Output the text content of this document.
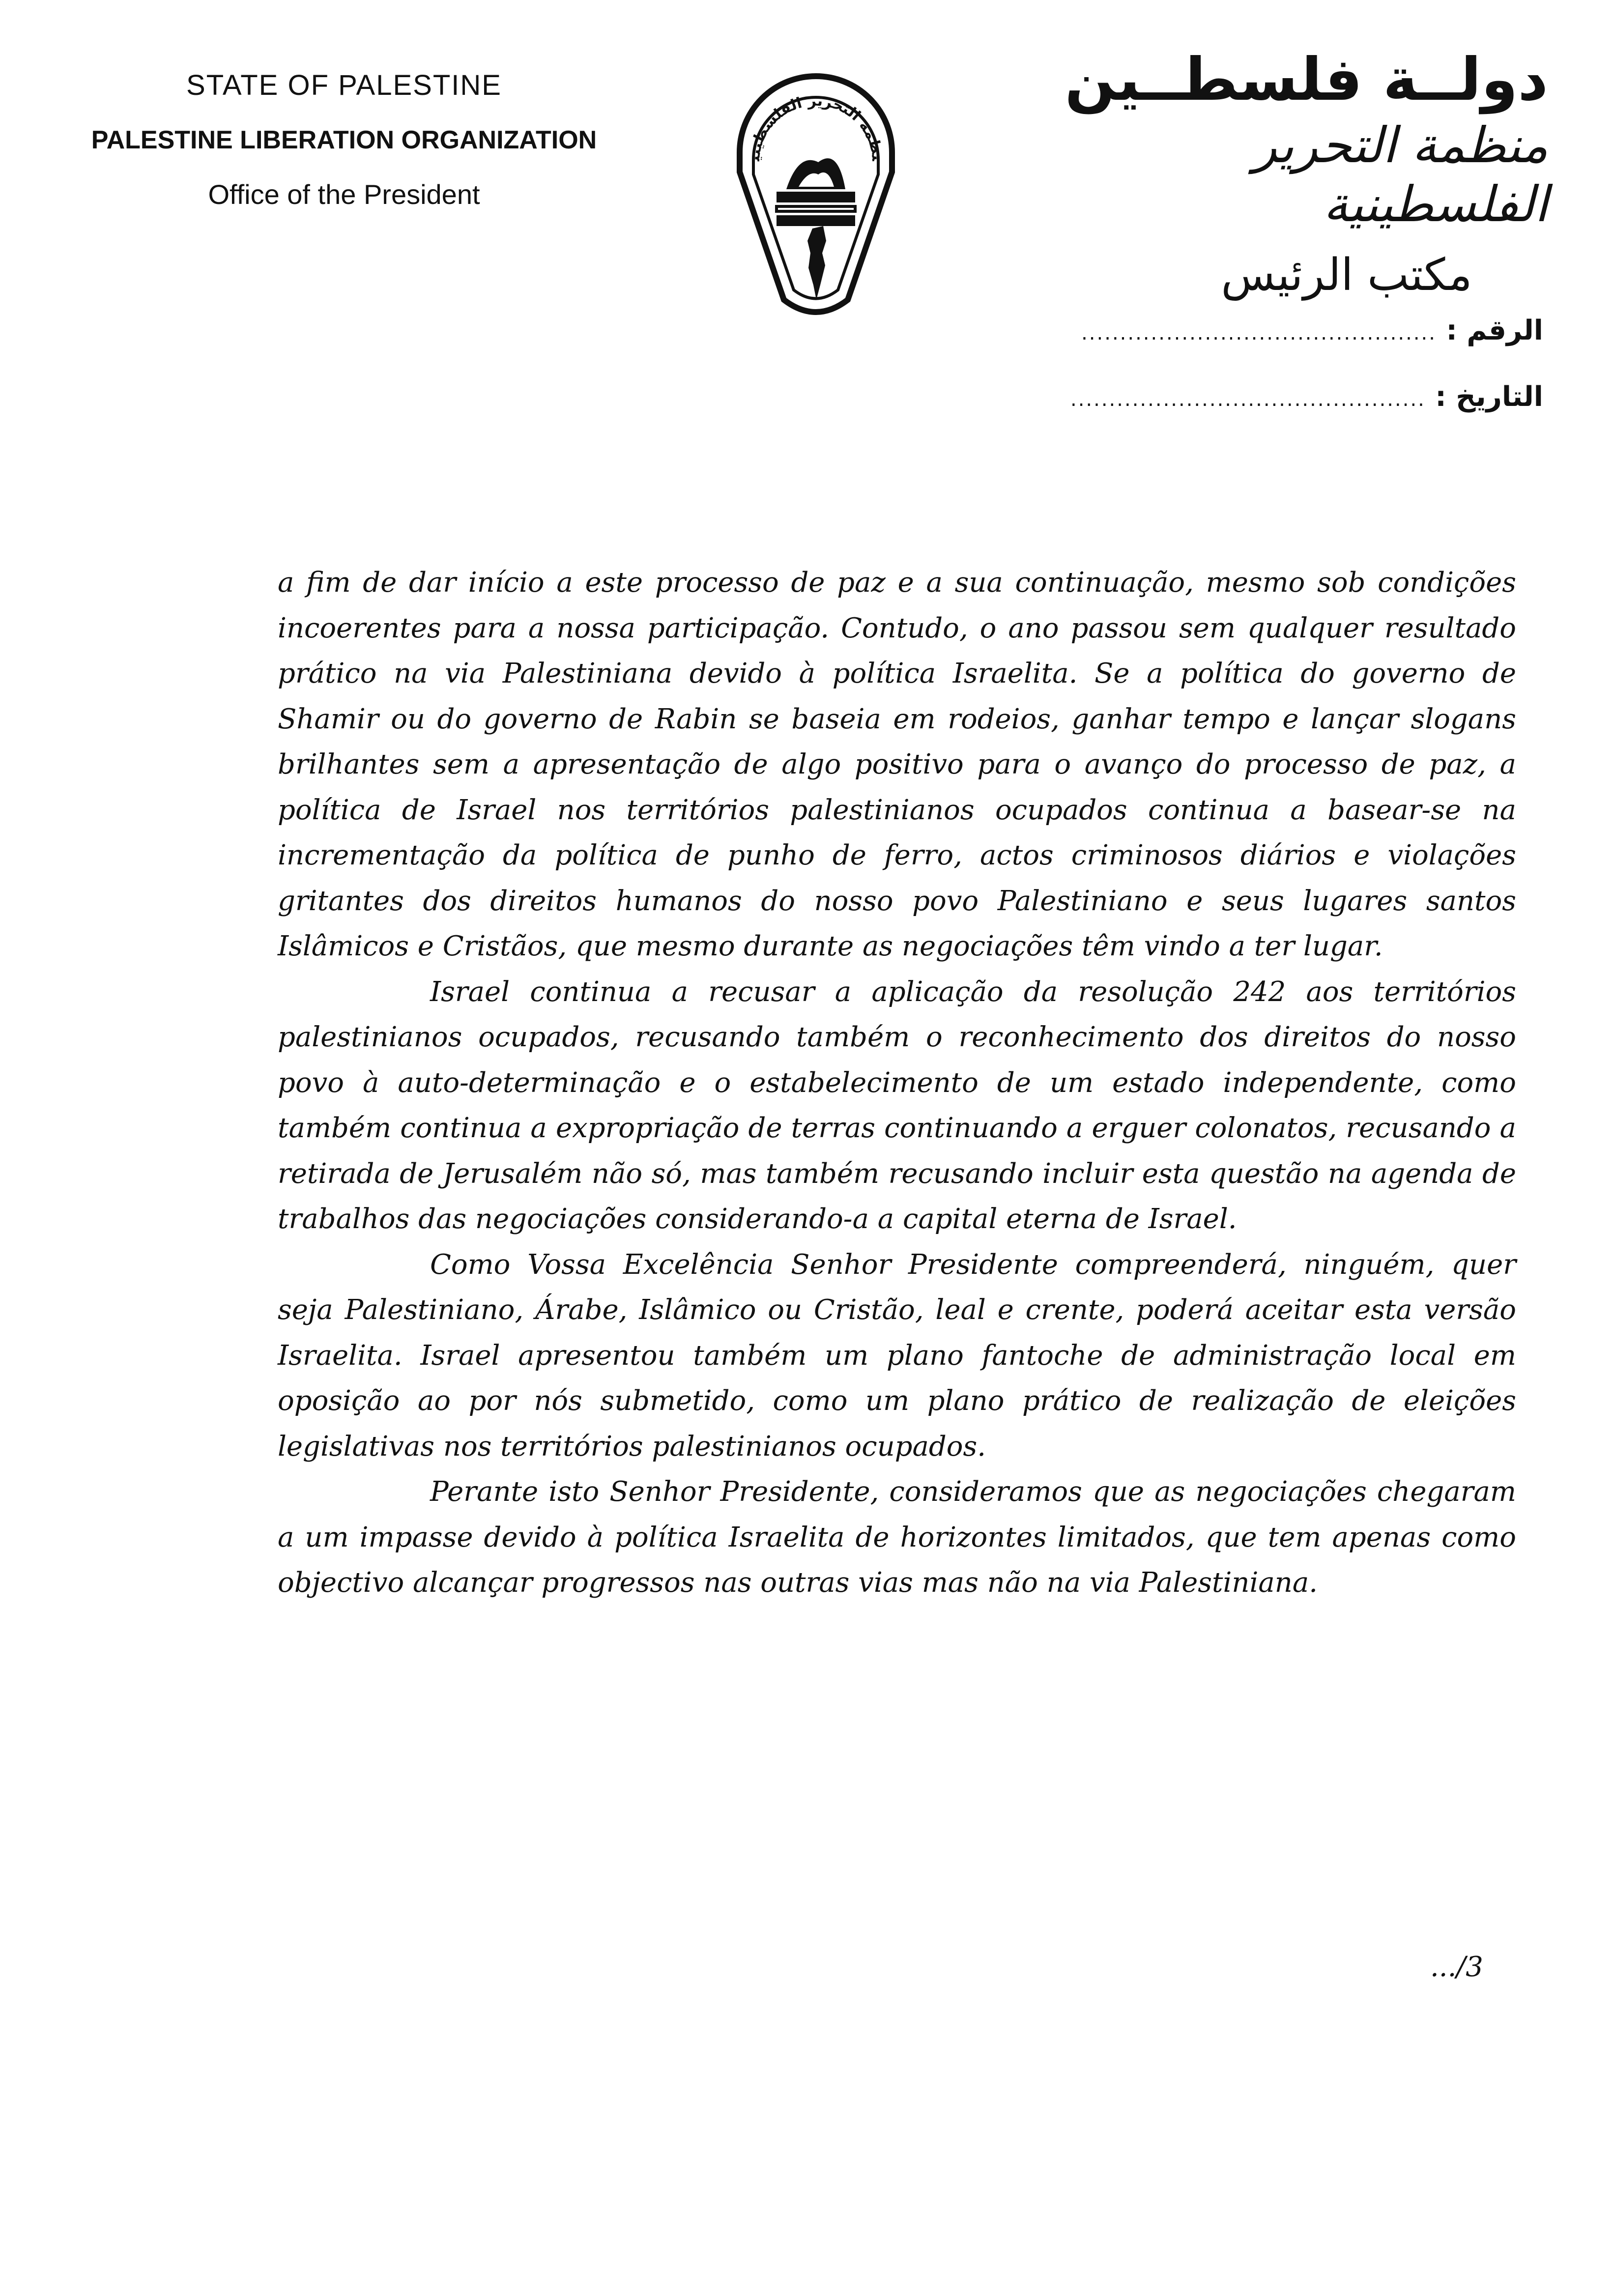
STATE OF PALESTINE
PALESTINE LIBERATION ORGANIZATION
Office of the President
نظمة التحرير الفلسطيني
دولــة فلسطــين
منظمة التحرير الفلسطينية
مكتب الرئيس
الرقم : ..............................................
التاريخ : ..............................................

a fim de dar início a este processo de paz e a sua continuação, mesmo sob condições incoerentes para a nossa participação. Contudo, o ano passou sem qualquer resultado prático na via Palestiniana devido à política Israelita. Se a política do governo de Shamir ou do governo de Rabin se baseia em rodeios, ganhar tempo e lançar slogans brilhantes sem a apresentação de algo positivo para o avanço do processo de paz, a política de Israel nos territórios palestinianos ocupados continua a basear-se na incrementação da política de punho de ferro, actos criminosos diários e violações gritantes dos direitos humanos do nosso povo Palestiniano e seus lugares santos Islâmicos e Cristãos, que mesmo durante as negociações têm vindo a ter lugar.

Israel continua a recusar a aplicação da resolução 242 aos territórios palestinianos ocupados, recusando também o reconhecimento dos direitos do nosso povo à auto-determinação e o estabelecimento de um estado independente, como também continua a expropriação de terras continuando a erguer colonatos, recusando a retirada de Jerusalém não só, mas também recusando incluir esta questão na agenda de trabalhos das negociações considerando-a a capital eterna de Israel.

Como Vossa Excelência Senhor Presidente compreenderá, ninguém, quer seja Palestiniano, Árabe, Islâmico ou Cristão, leal e crente, poderá aceitar esta versão Israelita. Israel apresentou também um plano fantoche de administração local em oposição ao por nós submetido, como um plano prático de realização de eleições legislativas nos territórios palestinianos ocupados.

Perante isto Senhor Presidente, consideramos que as negociações chegaram a um impasse devido à política Israelita de horizontes limitados, que tem apenas como objectivo alcançar progressos nas outras vias mas não na via Palestiniana.

.../3
